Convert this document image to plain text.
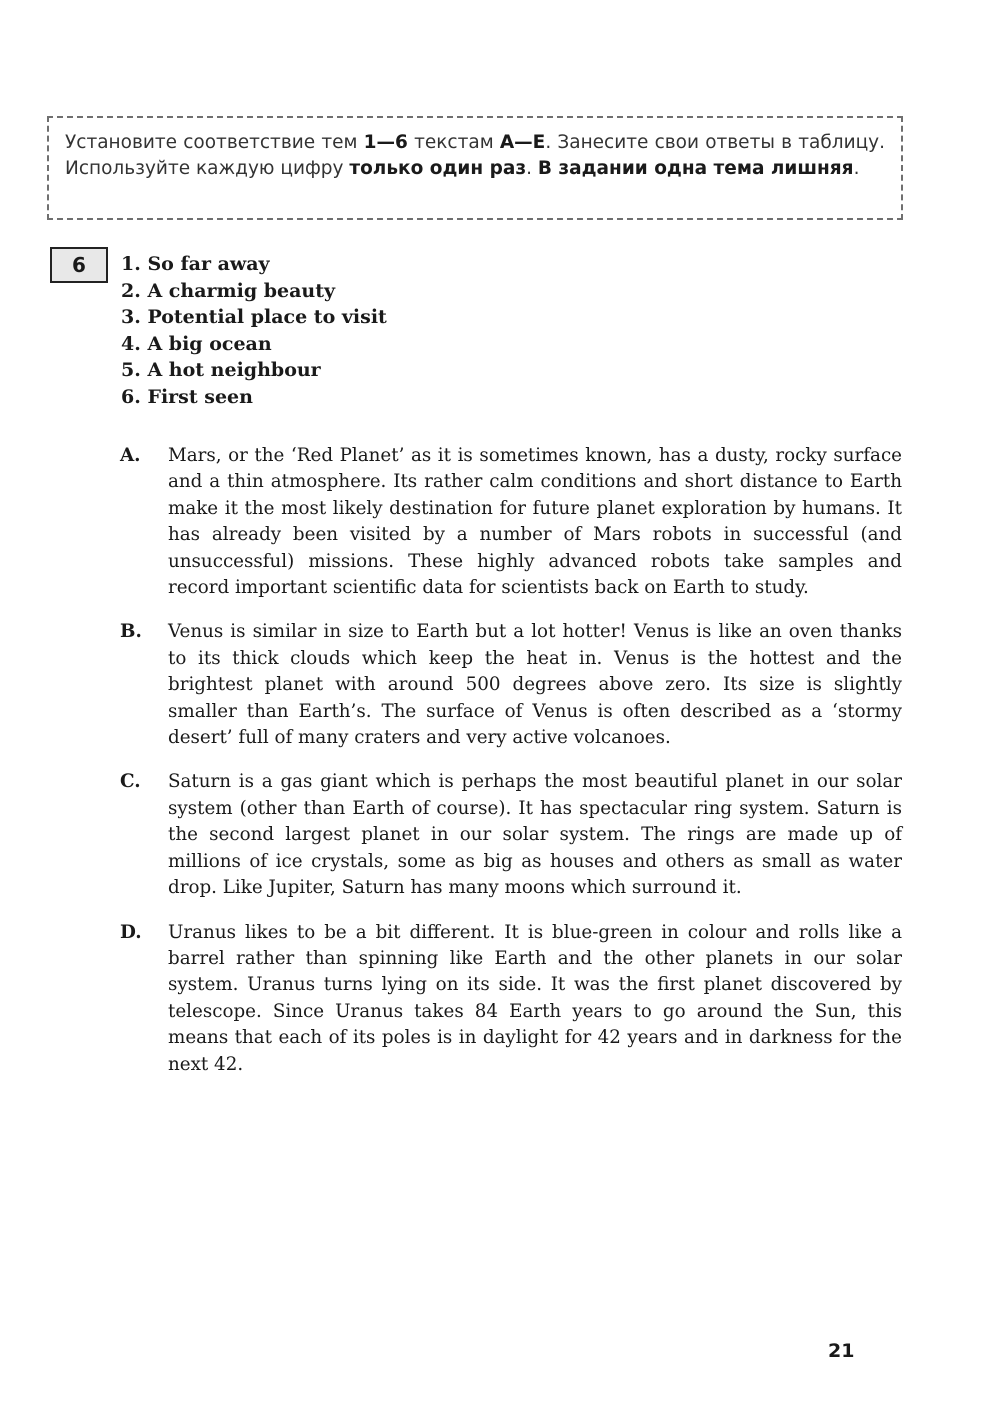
Установите соответствие тем 1—6 текстам А—Е. Занесите свои ответы в таблицу. Используйте каждую цифру только один раз. В задании одна тема лишняя.
6	1. So far away
2. A charmig beauty
3. Potential place to visit
4. A big ocean
5. A hot neighbour
6. First seen
A.	Mars, or the ‘Red Planet’ as it is sometimes known, has a dusty, rocky surface and a thin atmosphere. Its rather calm conditions and short distance to Earth make it the most likely destination for future planet exploration by humans. It has already been visited by a number of Mars robots in successful (and unsuccessful) missions. These highly advanced robots take samples and record important scientific data for scientists back on Earth to study.
B.	Venus is similar in size to Earth but a lot hotter! Venus is like an oven thanks to its thick clouds which keep the heat in. Venus is the hottest and the brightest planet with around 500 degrees above zero. Its size is slightly smaller than Earth’s. The surface of Venus is often described as a ‘stormy desert’ full of many craters and very active volcanoes.
C.	Saturn is a gas giant which is perhaps the most beautiful planet in our solar system (other than Earth of course). It has spectacular ring system. Saturn is the second largest planet in our solar system. The rings are made up of millions of ice crystals, some as big as houses and others as small as water drop. Like Jupiter, Saturn has many moons which surround it.
D.	Uranus likes to be a bit different. It is blue-green in colour and rolls like a barrel rather than spinning like Earth and the other planets in our solar system. Uranus turns lying on its side. It was the first planet discovered by telescope. Since Uranus takes 84 Earth years to go around the Sun, this means that each of its poles is in daylight for 42 years and in darkness for the next 42.
21
